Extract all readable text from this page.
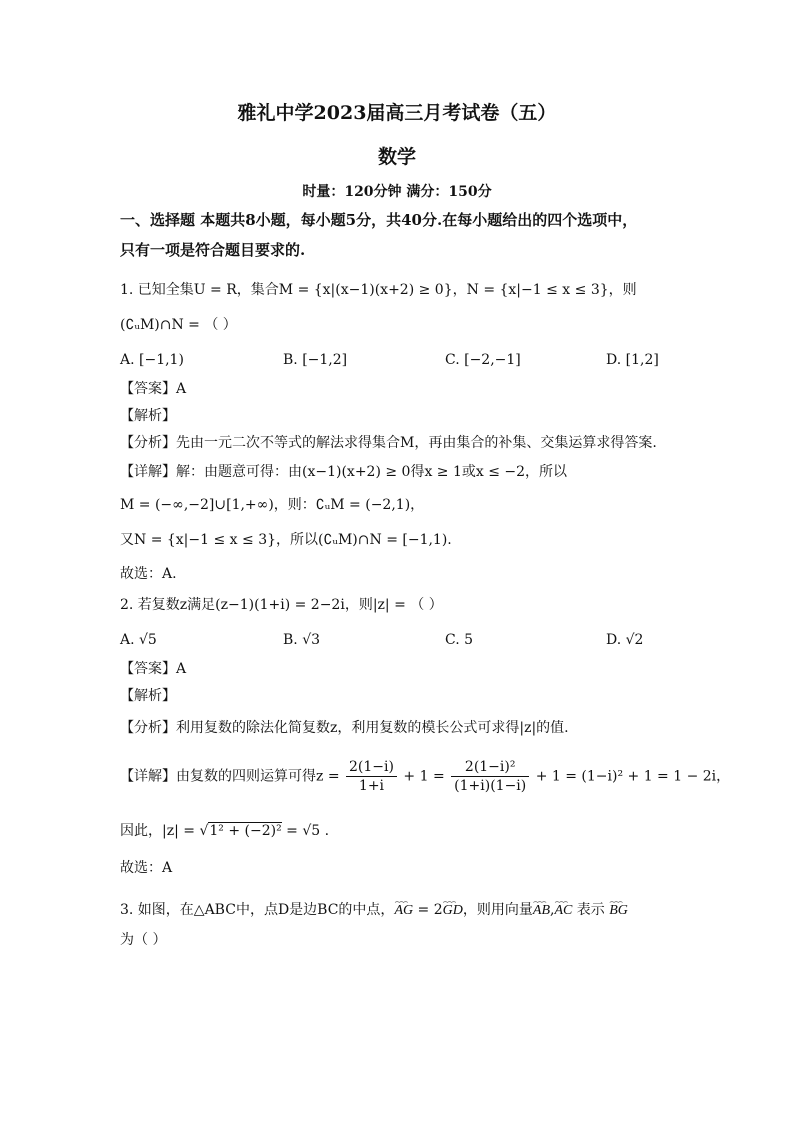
雅礼中学2023届高三月考试卷（五）
数学
时量：120分钟 满分：150分
一、选择题 本题共8小题，每小题5分，共40分.在每小题给出的四个选项中，
只有一项是符合题目要求的.
1. 已知全集U = R，集合M = {x|(x−1)(x+2) ≥ 0}，N = {x|−1 ≤ x ≤ 3}，则
(∁ᵤM)∩N = （ ）
A. [−1,1)	B. [−1,2]	C. [−2,−1]	D. [1,2]
【答案】A
【解析】
【分析】先由一元二次不等式的解法求得集合M，再由集合的补集、交集运算求得答案.
【详解】解：由题意可得：由(x−1)(x+2) ≥ 0得x ≥ 1或x ≤ −2，所以
M = (−∞,−2]∪[1,+∞)，则：∁ᵤM = (−2,1)，
又N = {x|−1 ≤ x ≤ 3}，所以(∁ᵤM)∩N = [−1,1).
故选：A.
2. 若复数z满足(z−1)(1+i) = 2−2i，则|z| = （ ）
A. √5	B. √3	C. 5	D. √2
【答案】A
【解析】
【分析】利用复数的除法化简复数z，利用复数的模长公式可求得|z|的值.
【详解】由复数的四则运算可得$z = \frac{2(1-i)}{1+i} + 1 = \frac{\text{2(1−i)²}}{(1+i)(1-i)} + 1 = (1-i)^2 + 1 = 1 - 2i$，
因此，|z| = √1² + (−2)² = √5 .
故选：A
3. 如图，在△ABC中，点D是边BC的中点，⌢⌢⌢ AG = 2⌢⌢⌢ GD，则用向量⌢⌢⌢ AB,⌢⌢⌢ AC 表示 ⌢⌢⌢ BG
为（ ）
